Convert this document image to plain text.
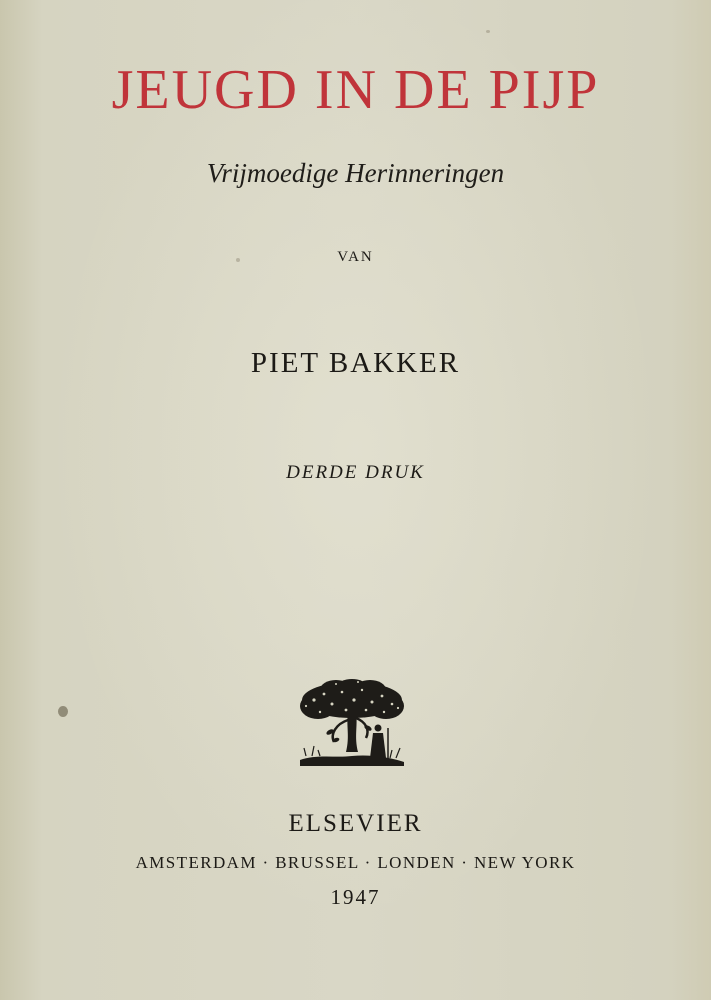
JEUGD IN DE PIJP
Vrijmoedige Herinneringen
VAN
PIET BAKKER
DERDE DRUK
ELSEVIER
AMSTERDAM · BRUSSEL · LONDEN · NEW YORK
1947
